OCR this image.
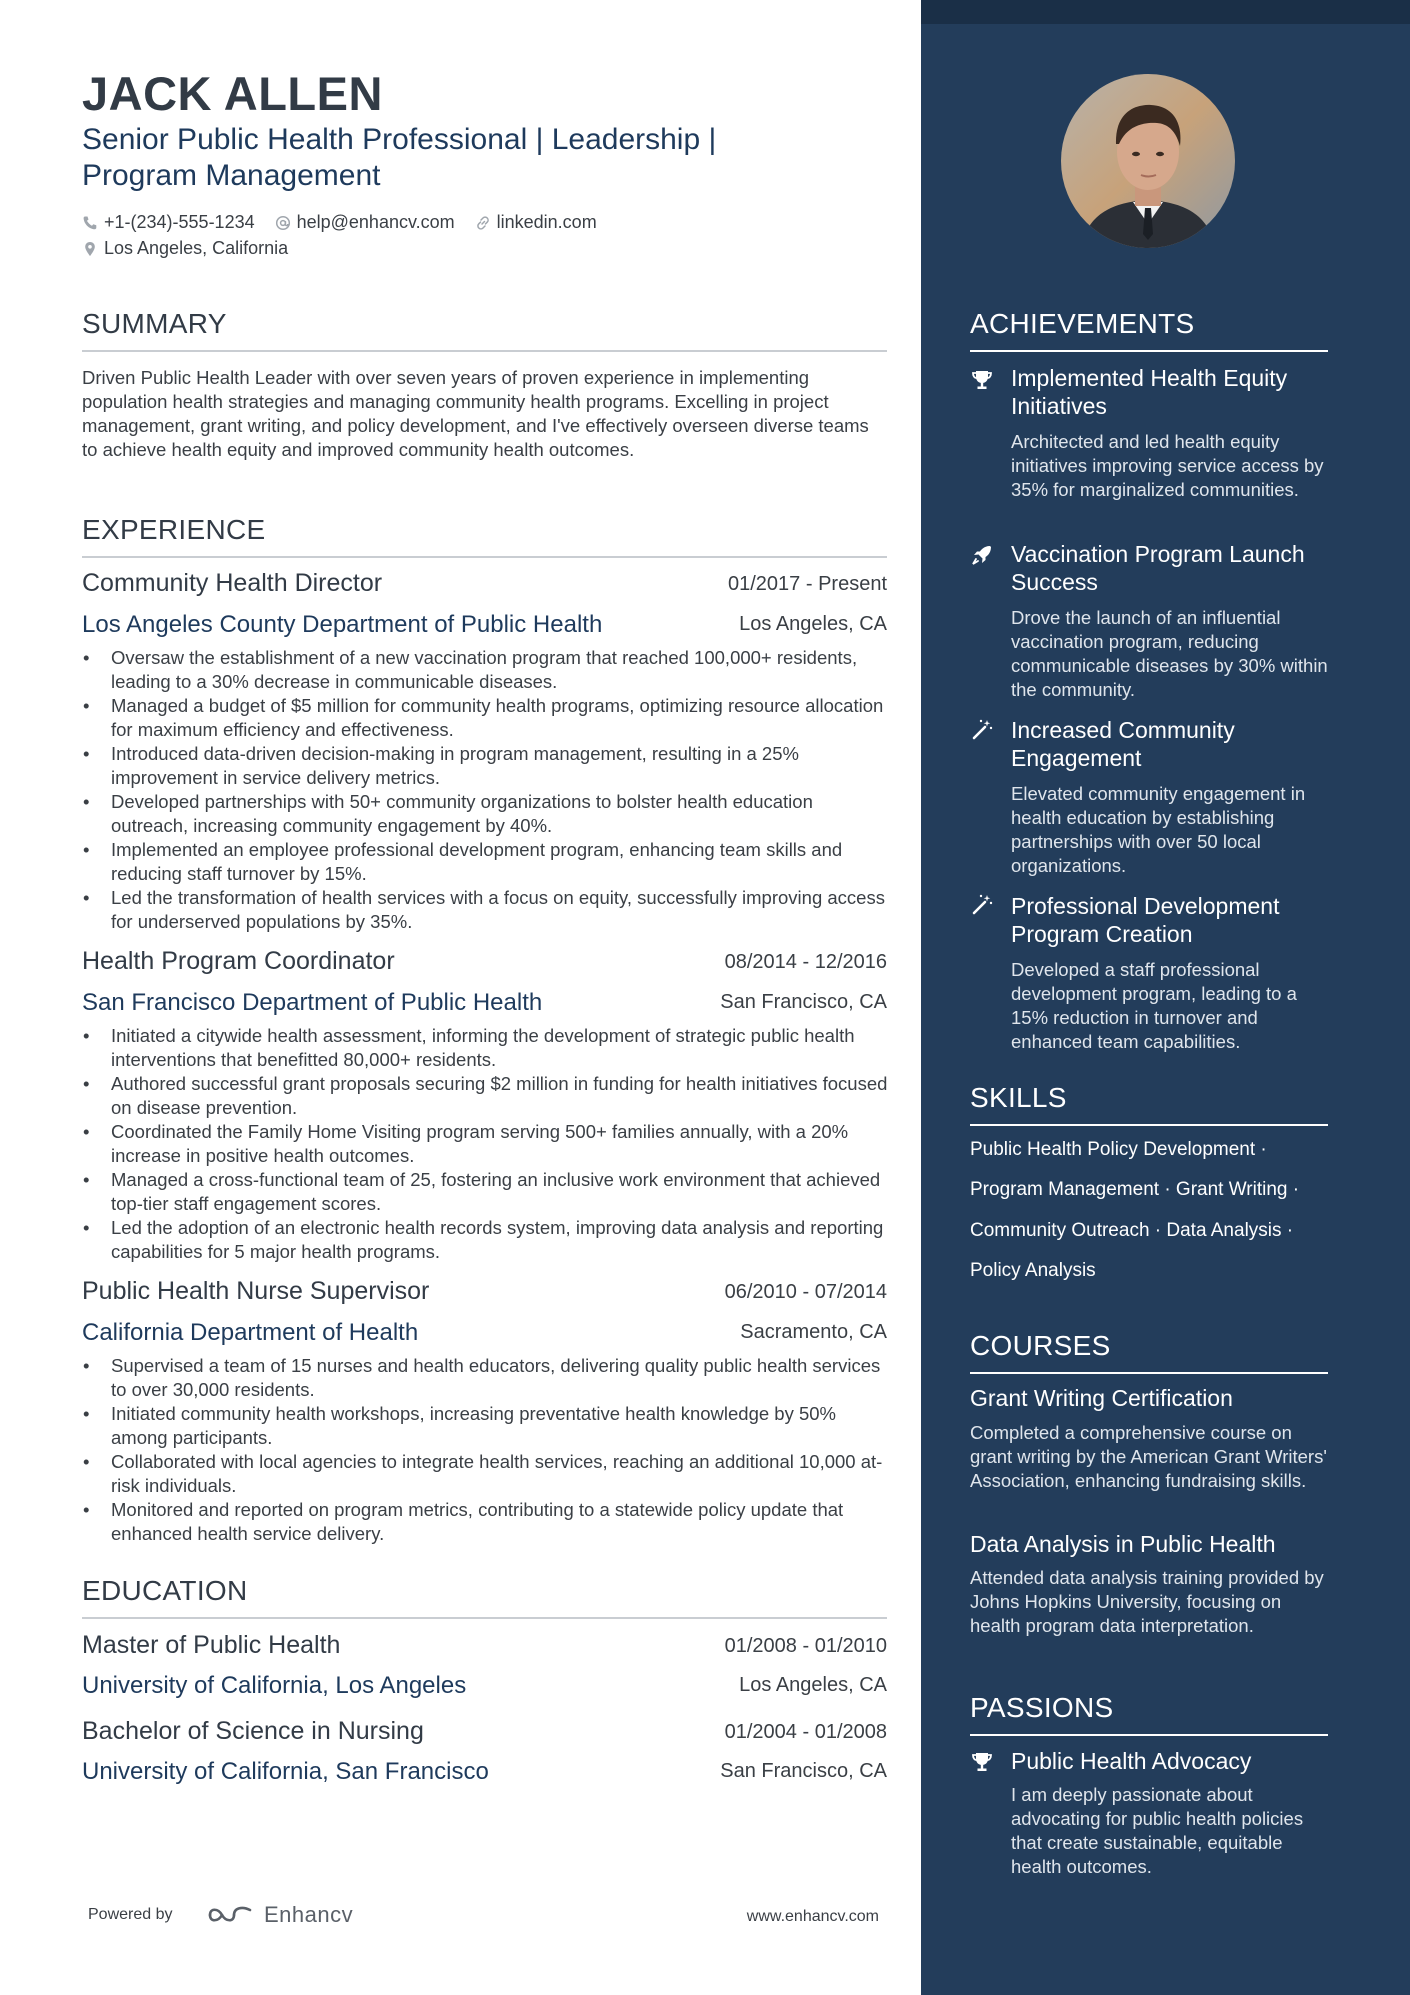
JACK ALLEN
Senior Public Health Professional | Leadership | Program Management
+1-(234)-555-1234 help@enhancv.com linkedin.com
Los Angeles, California
SUMMARY
Driven Public Health Leader with over seven years of proven experience in implementing population health strategies and managing community health programs. Excelling in project management, grant writing, and policy development, and I've effectively overseen diverse teams to achieve health equity and improved community health outcomes.
EXPERIENCE
Community Health Director	01/2017 - Present
Los Angeles County Department of Public Health	Los Angeles, CA
• Oversaw the establishment of a new vaccination program that reached 100,000+ residents, leading to a 30% decrease in communicable diseases.
• Managed a budget of $5 million for community health programs, optimizing resource allocation for maximum efficiency and effectiveness.
• Introduced data-driven decision-making in program management, resulting in a 25% improvement in service delivery metrics.
• Developed partnerships with 50+ community organizations to bolster health education outreach, increasing community engagement by 40%.
• Implemented an employee professional development program, enhancing team skills and reducing staff turnover by 15%.
• Led the transformation of health services with a focus on equity, successfully improving access for underserved populations by 35%.
Health Program Coordinator	08/2014 - 12/2016
San Francisco Department of Public Health	San Francisco, CA
• Initiated a citywide health assessment, informing the development of strategic public health interventions that benefitted 80,000+ residents.
• Authored successful grant proposals securing $2 million in funding for health initiatives focused on disease prevention.
• Coordinated the Family Home Visiting program serving 500+ families annually, with a 20% increase in positive health outcomes.
• Managed a cross-functional team of 25, fostering an inclusive work environment that achieved top-tier staff engagement scores.
• Led the adoption of an electronic health records system, improving data analysis and reporting capabilities for 5 major health programs.
Public Health Nurse Supervisor	06/2010 - 07/2014
California Department of Health	Sacramento, CA
• Supervised a team of 15 nurses and health educators, delivering quality public health services to over 30,000 residents.
• Initiated community health workshops, increasing preventative health knowledge by 50% among participants.
• Collaborated with local agencies to integrate health services, reaching an additional 10,000 at-risk individuals.
• Monitored and reported on program metrics, contributing to a statewide policy update that enhanced health service delivery.
EDUCATION
Master of Public Health	01/2008 - 01/2010
University of California, Los Angeles	Los Angeles, CA
Bachelor of Science in Nursing	01/2004 - 01/2008
University of California, San Francisco	San Francisco, CA
Powered by	Enhancv	www.enhancv.com
ACHIEVEMENTS
Implemented Health Equity Initiatives
Architected and led health equity initiatives improving service access by 35% for marginalized communities.
Vaccination Program Launch Success
Drove the launch of an influential vaccination program, reducing communicable diseases by 30% within the community.
Increased Community Engagement
Elevated community engagement in health education by establishing partnerships with over 50 local organizations.
Professional Development Program Creation
Developed a staff professional development program, leading to a 15% reduction in turnover and enhanced team capabilities.
SKILLS
Public Health Policy Development ·
Program Management · Grant Writing ·
Community Outreach · Data Analysis ·
Policy Analysis
COURSES
Grant Writing Certification
Completed a comprehensive course on grant writing by the American Grant Writers' Association, enhancing fundraising skills.
Data Analysis in Public Health
Attended data analysis training provided by Johns Hopkins University, focusing on health program data interpretation.
PASSIONS
Public Health Advocacy
I am deeply passionate about advocating for public health policies that create sustainable, equitable health outcomes.
